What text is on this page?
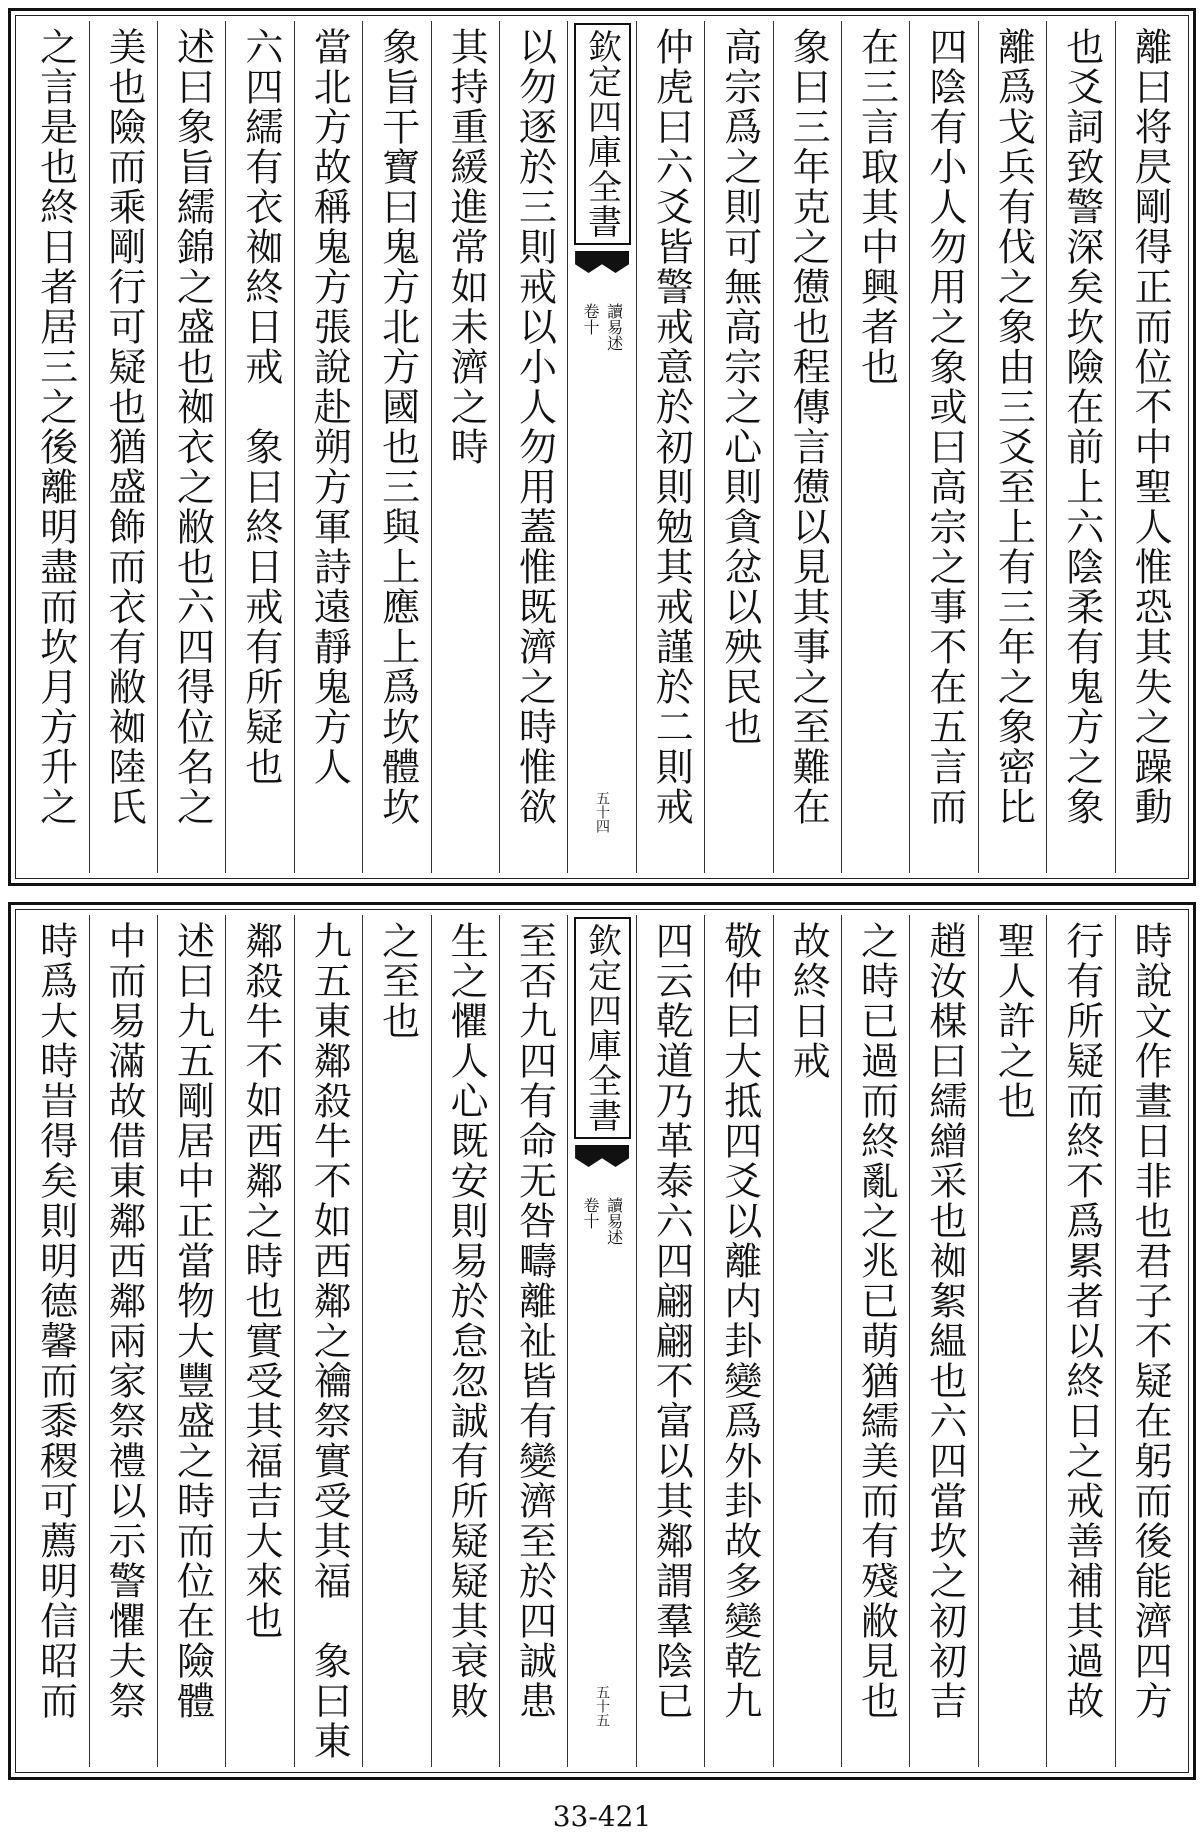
離曰将昃剛得正而位不中聖人惟恐其失之躁動
也爻詞致警深矣坎險在前上六陰柔有鬼方之象
離爲戈兵有伐之象由三爻至上有三年之象密比
四陰有小人勿用之象或曰高宗之事不在五言而
在三言取其中興者也
象曰三年克之憊也程傳言憊以見其事之至難在
高宗爲之則可無高宗之心則貪忿以殃民也
仲虎曰六爻皆警戒意於初則勉其戒謹於二則戒
欽定四庫全書
讀易述
卷十
五十四
以勿逐於三則戒以小人勿用蓋惟既濟之時惟欲
其持重緩進常如未濟之時
象旨干寶曰鬼方北方國也三與上應上爲坎體坎
當北方故稱鬼方張說赴朔方軍詩遠靜鬼方人
六四繻有衣袽終日戒　象曰終日戒有所疑也
述曰象旨繻錦之盛也袽衣之敝也六四得位名之
美也險而乘剛行可疑也猶盛飾而衣有敝袽陸氏
之言是也終日者居三之後離明盡而坎月方升之
時說文作晝日非也君子不疑在躬而後能濟四方
行有所疑而終不爲累者以終日之戒善補其過故
聖人許之也
趙汝楳曰繻繒采也袽絮緼也六四當坎之初初吉
之時已過而終亂之兆已萌猶繻美而有殘敝見也
故終日戒
敬仲曰大抵四爻以離内卦變爲外卦故多變乾九
四云乾道乃革泰六四翩翩不富以其鄰謂羣陰已
欽定四庫全書
讀易述
卷十
五十五
至否九四有命无咎疇離祉皆有變濟至於四誠患
生之懼人心既安則易於怠忽誠有所疑疑其衰敗
之至也
九五東鄰殺牛不如西鄰之禴祭實受其福　象曰東
鄰殺牛不如西鄰之時也實受其福吉大來也
述曰九五剛居中正當物大豐盛之時而位在險體
中而易滿故借東鄰西鄰兩家祭禮以示警懼夫祭
時爲大時旹得矣則明德馨而黍稷可薦明信昭而
33-421
